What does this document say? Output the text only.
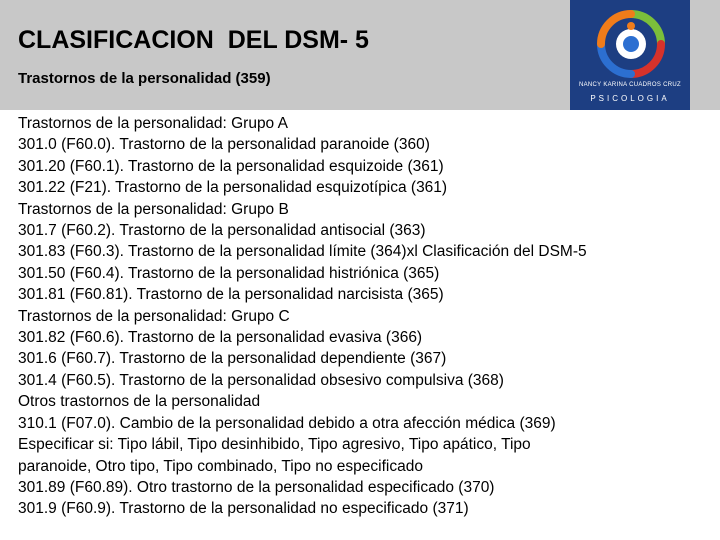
CLASIFICACION  DEL DSM- 5
Trastornos de la personalidad (359)	NANCY KARINA CUADROS CRUZ
PSICOLOGIA
Trastornos de la personalidad: Grupo A
301.0 (F60.0). Trastorno de la personalidad paranoide (360)
301.20 (F60.1). Trastorno de la personalidad esquizoide (361)
301.22 (F21). Trastorno de la personalidad esquizotípica (361)
Trastornos de la personalidad: Grupo B
301.7 (F60.2). Trastorno de la personalidad antisocial (363)
301.83 (F60.3). Trastorno de la personalidad límite (364)xl Clasificación del DSM-5
301.50 (F60.4). Trastorno de la personalidad histriónica (365)
301.81 (F60.81). Trastorno de la personalidad narcisista (365)
Trastornos de la personalidad: Grupo C
301.82 (F60.6). Trastorno de la personalidad evasiva (366)
301.6 (F60.7). Trastorno de la personalidad dependiente (367)
301.4 (F60.5). Trastorno de la personalidad obsesivo compulsiva (368)
Otros trastornos de la personalidad
310.1 (F07.0). Cambio de la personalidad debido a otra afección médica (369)
Especificar si: Tipo lábil, Tipo desinhibido, Tipo agresivo, Tipo apático, Tipo
paranoide, Otro tipo, Tipo combinado, Tipo no especificado
301.89 (F60.89). Otro trastorno de la personalidad especificado (370)
301.9 (F60.9). Trastorno de la personalidad no especificado (371)
